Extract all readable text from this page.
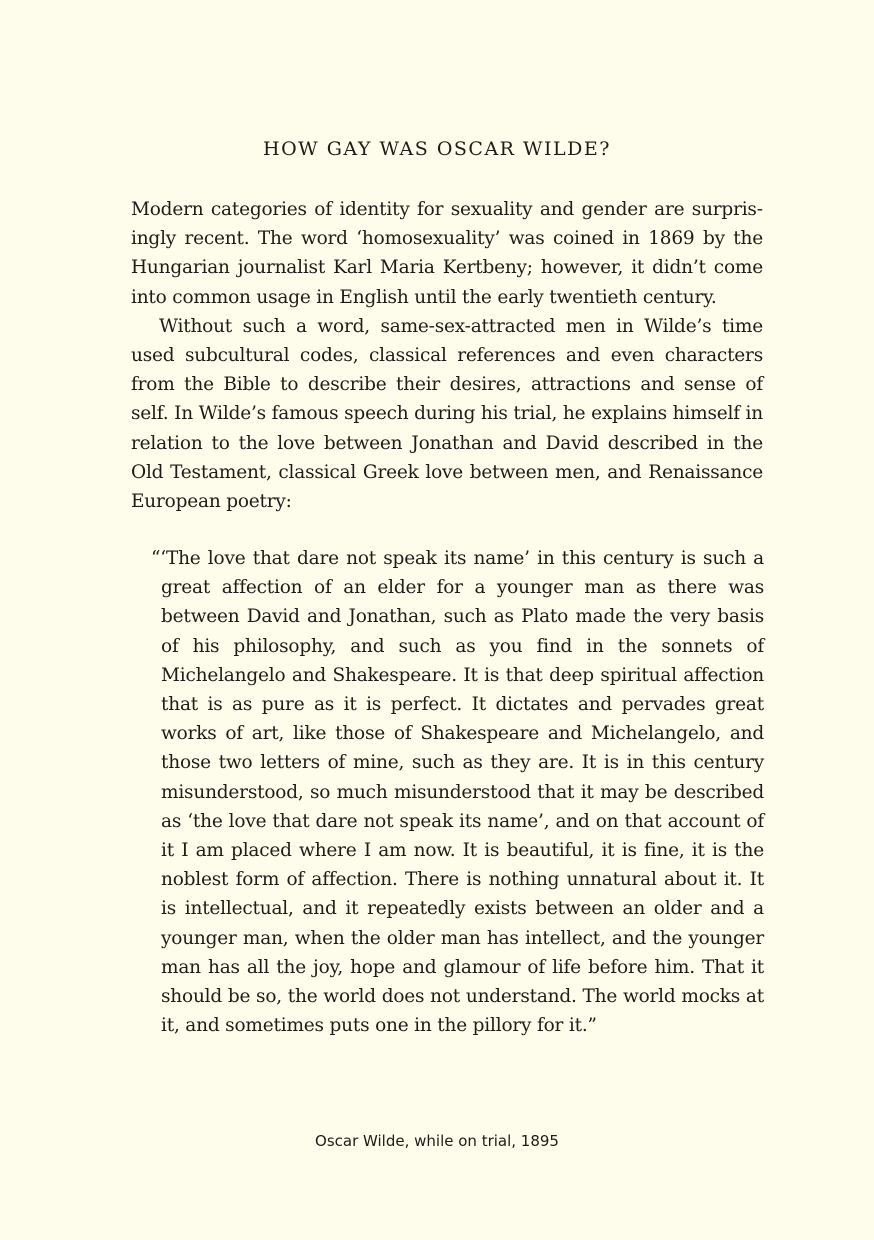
HOW GAY WAS OSCAR WILDE?

Modern categories of identity for sexuality and gender are surprisingly recent. The word ‘homosexuality’ was coined in 1869 by the Hungarian journalist Karl Maria Kertbeny; however, it didn’t come into common usage in English until the early twentieth century.

Without such a word, same-sex-attracted men in Wilde’s time used subcultural codes, classical references and even characters from the Bible to describe their desires, attractions and sense of self. In Wilde’s famous speech during his trial, he explains himself in relation to the love between Jonathan and David described in the Old Testament, classical Greek love between men, and Renaissance European poetry:

“‘The love that dare not speak its name’ in this century is such a great affection of an elder for a younger man as there was between David and Jonathan, such as Plato made the very basis of his philosophy, and such as you find in the sonnets of Michelangelo and Shakespeare. It is that deep spiritual affection that is as pure as it is perfect. It dictates and pervades great works of art, like those of Shakespeare and Michelangelo, and those two letters of mine, such as they are. It is in this century misunderstood, so much misunderstood that it may be described as ‘the love that dare not speak its name’, and on that account of it I am placed where I am now. It is beautiful, it is fine, it is the noblest form of affection. There is nothing unnatural about it. It is intellectual, and it repeatedly exists between an older and a younger man, when the older man has intellect, and the younger man has all the joy, hope and glamour of life before him. That it should be so, the world does not understand. The world mocks at it, and sometimes puts one in the pillory for it.”
Oscar Wilde, while on trial, 1895
